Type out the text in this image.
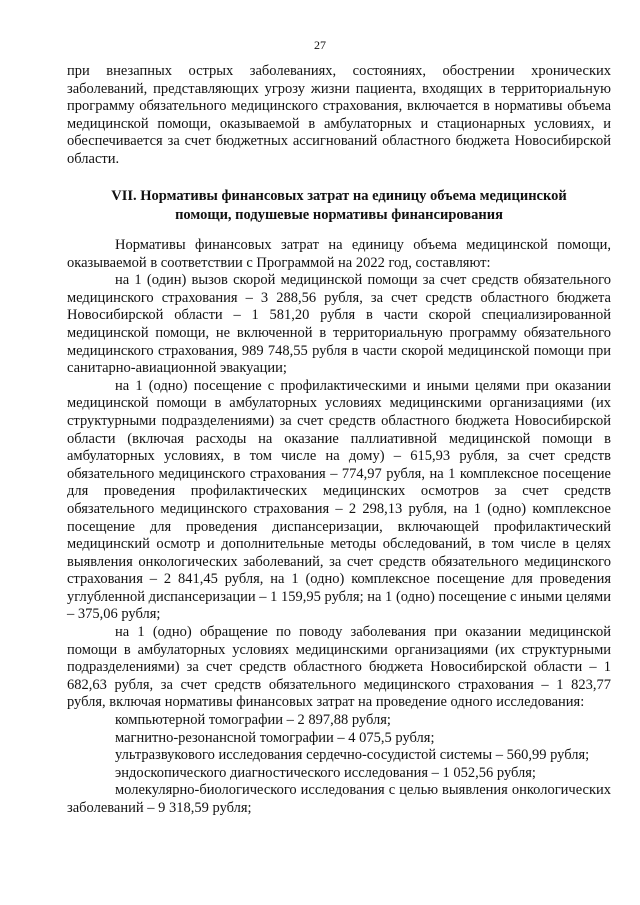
27

при внезапных острых заболеваниях, состояниях, обострении хронических заболеваний, представляющих угрозу жизни пациента, входящих в территориальную программу обязательного медицинского страхования, включается в нормативы объема медицинской помощи, оказываемой в амбулаторных и стационарных условиях, и обеспечивается за счет бюджетных ассигнований областного бюджета Новосибирской области.

VII. Нормативы финансовых затрат на единицу объема медицинской
помощи, подушевые нормативы финансирования

Нормативы финансовых затрат на единицу объема медицинской помощи, оказываемой в соответствии с Программой на 2022 год, составляют:

на 1 (один) вызов скорой медицинской помощи за счет средств обязательного медицинского страхования – 3 288,56 рубля, за счет средств областного бюджета Новосибирской области – 1 581,20 рубля в части скорой специализированной медицинской помощи, не включенной в территориальную программу обязательного медицинского страхования, 989 748,55 рубля в части скорой медицинской помощи при санитарно-авиационной эвакуации;

на 1 (одно) посещение с профилактическими и иными целями при оказании медицинской помощи в амбулаторных условиях медицинскими организациями (их структурными подразделениями) за счет средств областного бюджета Новосибирской области (включая расходы на оказание паллиативной медицинской помощи в амбулаторных условиях, в том числе на дому) – 615,93 рубля, за счет средств обязательного медицинского страхования – 774,97 рубля, на 1 комплексное посещение для проведения профилактических медицинских осмотров за счет средств обязательного медицинского страхования – 2 298,13 рубля, на 1 (одно) комплексное посещение для проведения диспансеризации, включающей профилактический медицинский осмотр и дополнительные методы обследований, в том числе в целях выявления онкологических заболеваний, за счет средств обязательного медицинского страхования – 2 841,45 рубля, на 1 (одно) комплексное посещение для проведения углубленной диспансеризации – 1 159,95 рубля; на 1 (одно) посещение с иными целями – 375,06 рубля;

на 1 (одно) обращение по поводу заболевания при оказании медицинской помощи в амбулаторных условиях медицинскими организациями (их структурными подразделениями) за счет средств областного бюджета Новосибирской области – 1 682,63 рубля, за счет средств обязательного медицинского страхования – 1 823,77 рубля, включая нормативы финансовых затрат на проведение одного исследования:

компьютерной томографии – 2 897,88 рубля;

магнитно-резонансной томографии – 4 075,5 рубля;

ультразвукового исследования сердечно-сосудистой системы – 560,99 рубля;

эндоскопического диагностического исследования – 1 052,56 рубля;

молекулярно-биологического исследования с целью выявления онкологических заболеваний – 9 318,59 рубля;
